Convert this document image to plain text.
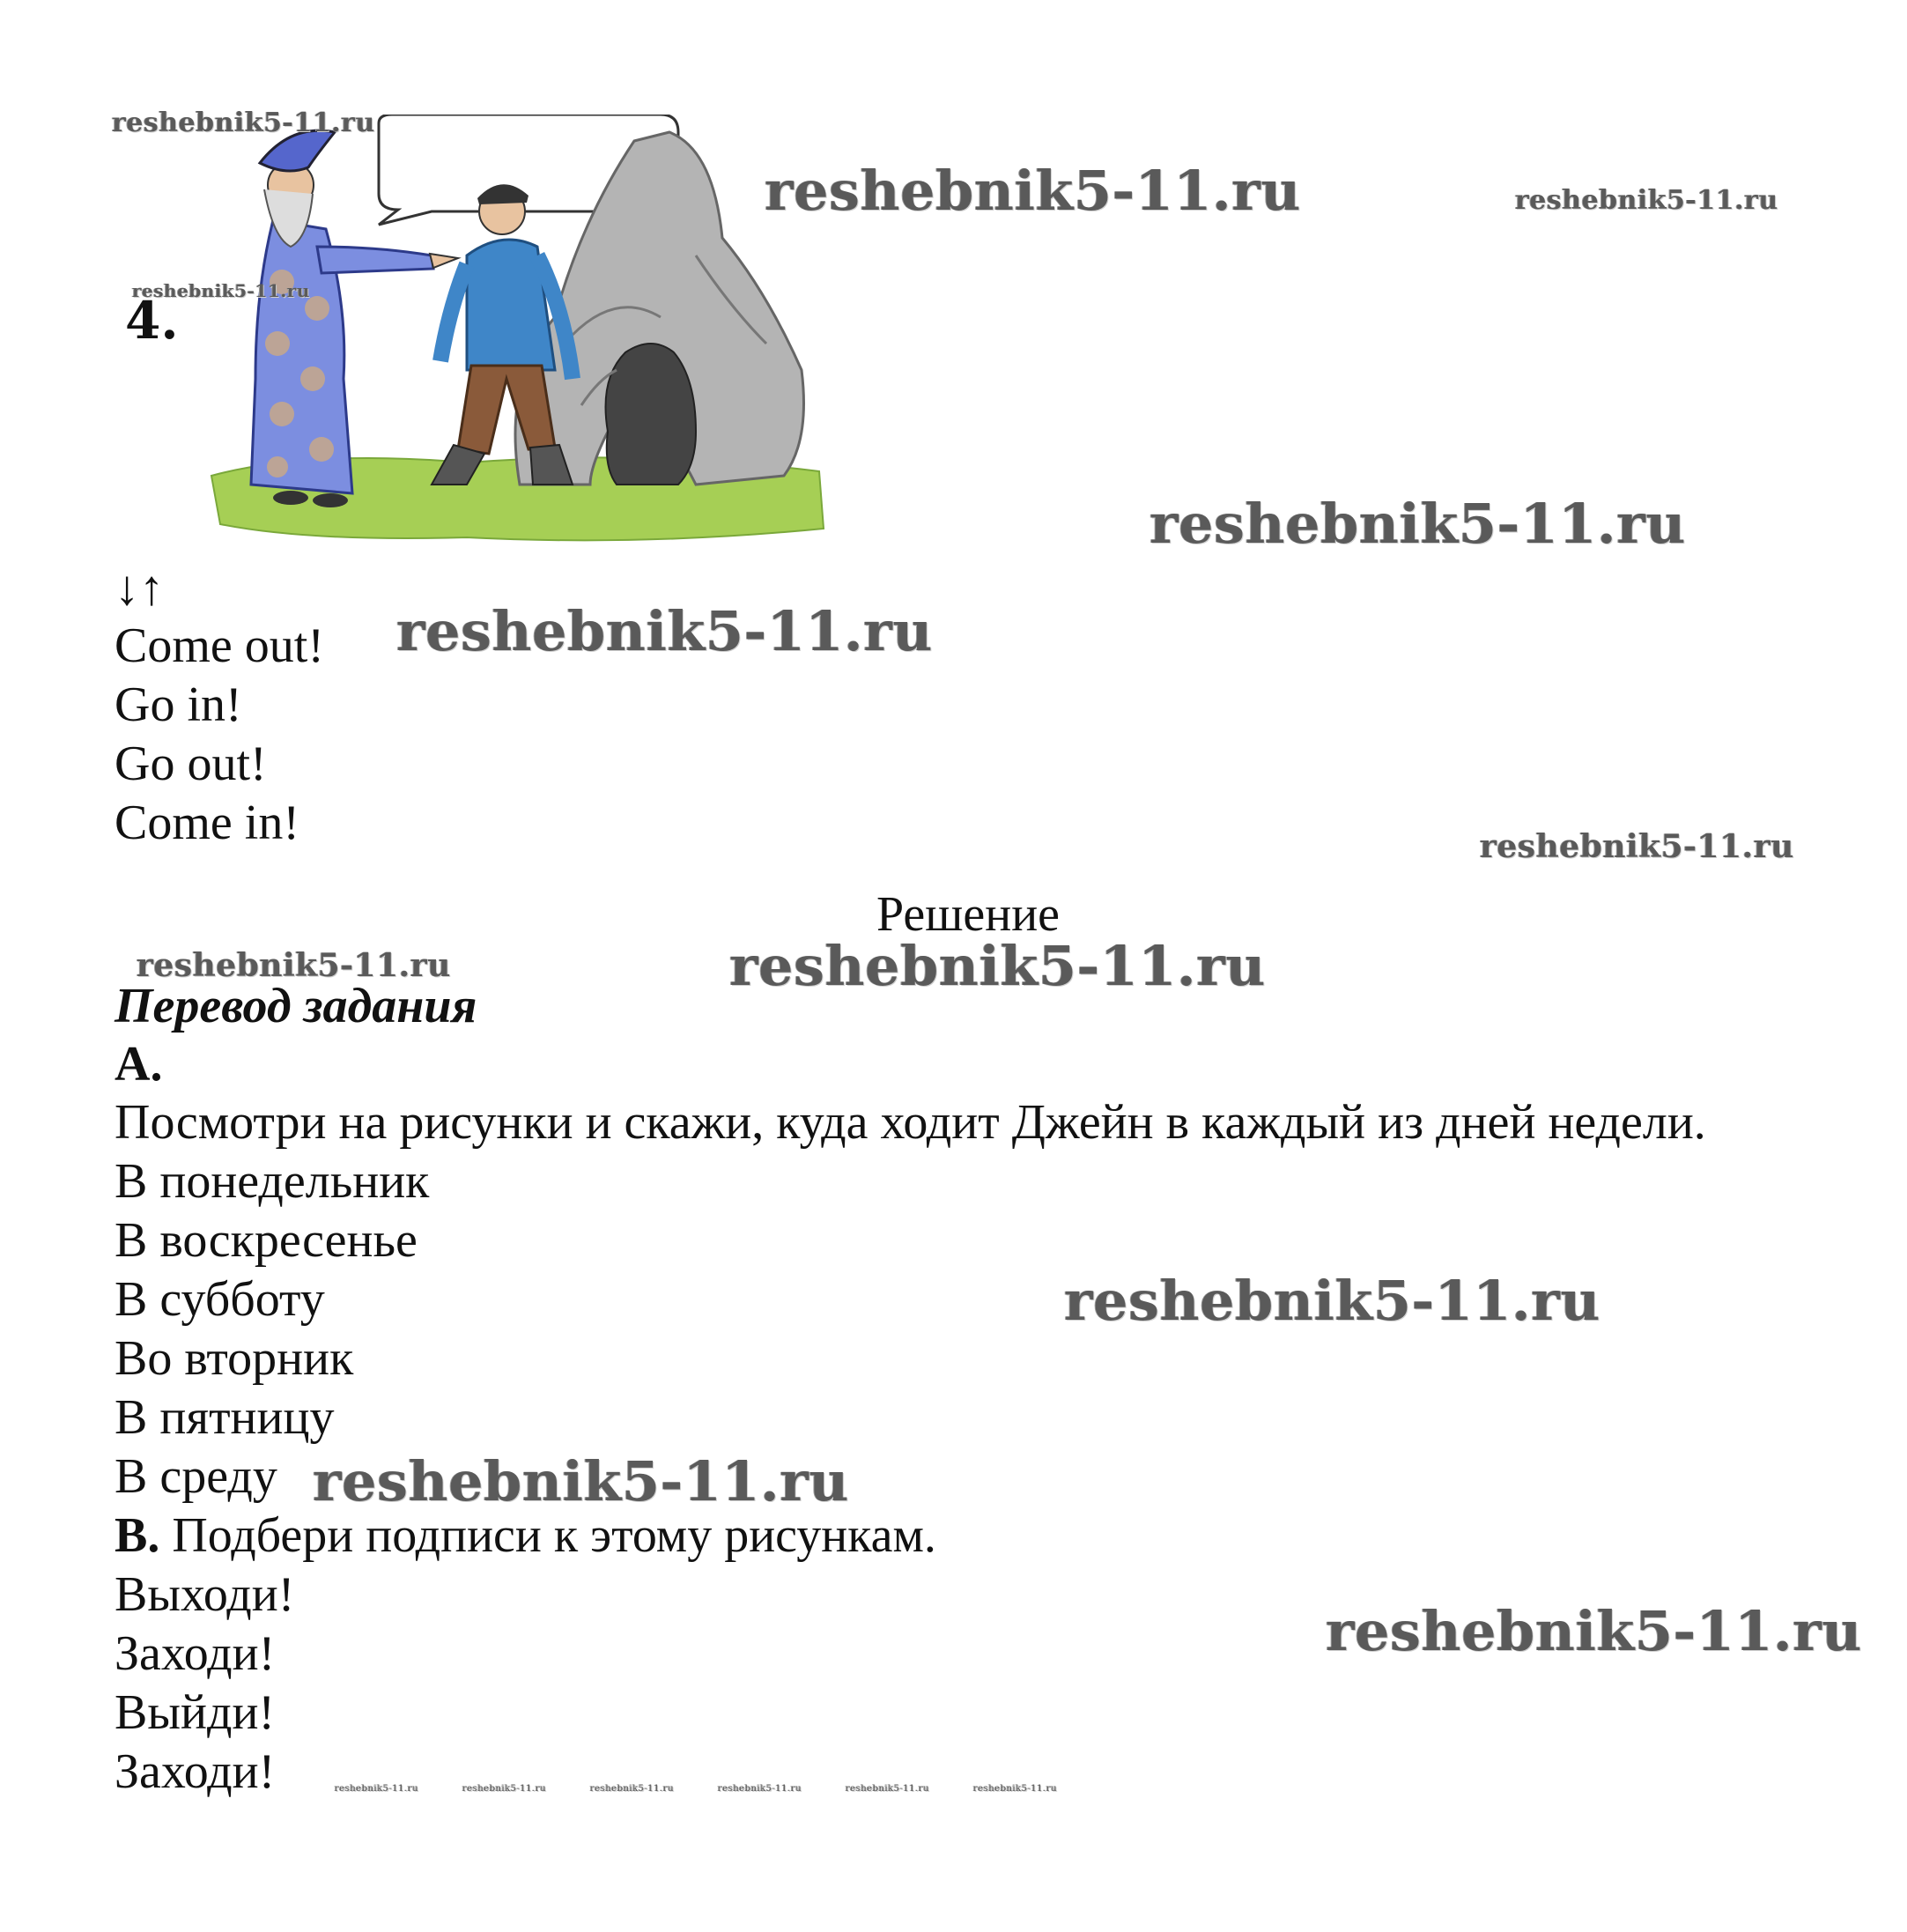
4.
↓↑
Come out!
Go in!
Go out!
Come in!
Решение
Перевод задания
A.
Посмотри на рисунки и скажи, куда ходит Джейн в каждый из дней недели.
В понедельник
В воскресенье
В субботу
Во вторник
В пятницу
В среду
B. Подбери подписи к этому рисункам.
Выходи!
Заходи!
Выйди!
Заходи!
reshebnik5-11.ru
reshebnik5-11.ru	reshebnik5-11.ru
reshebnik5-11.ru
reshebnik5-11.ru
reshebnik5-11.ru
reshebnik5-11.ru
reshebnik5-11.ru	reshebnik5-11.ru
reshebnik5-11.ru
reshebnik5-11.ru
reshebnik5-11.ru
reshebnik5-11.ru	reshebnik5-11.ru	reshebnik5-11.ru	reshebnik5-11.ru	reshebnik5-11.ru	reshebnik5-11.ru
